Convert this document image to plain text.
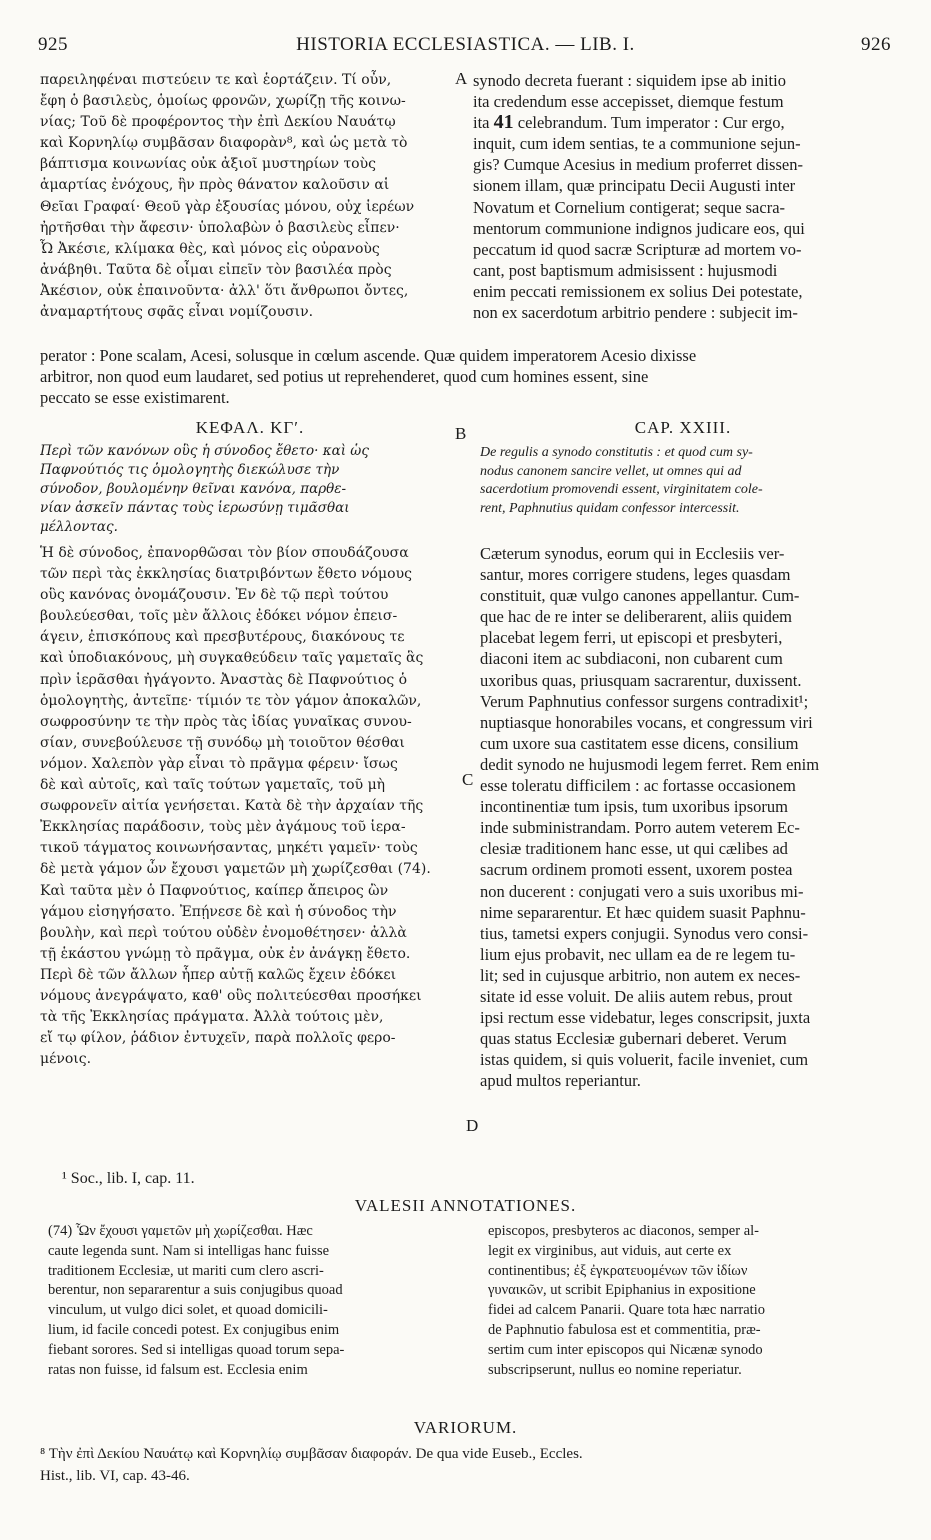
925	HISTORIA ECCLESIASTICA. — LIB. I.	926
παρειληφέναι πιστεύειν τε καὶ ἑορτάζειν. Τί οὖν,
ἔφη ὁ βασιλεὺς, ὁμοίως φρονῶν, χωρίζῃ τῆς κοινω-
νίας; Τοῦ δὲ προφέροντος τὴν ἐπὶ Δεκίου Ναυάτῳ
καὶ Κορνηλίῳ συμβᾶσαν διαφορὰν⁸, καὶ ὡς μετὰ τὸ
βάπτισμα κοινωνίας οὐκ ἀξιοῖ μυστηρίων τοὺς
ἁμαρτίας ἐνόχους, ἣν πρὸς θάνατον καλοῦσιν αἱ
Θεῖαι Γραφαί· Θεοῦ γὰρ ἐξουσίας μόνου, οὐχ ἱερέων
ἠρτῆσθαι τὴν ἄφεσιν· ὑπολαβὼν ὁ βασιλεὺς εἶπεν·
Ὦ Ἀκέσιε, κλίμακα θὲς, καὶ μόνος εἰς οὐρανοὺς
ἀνάβηθι. Ταῦτα δὲ οἶμαι εἰπεῖν τὸν βασιλέα πρὸς
Ἀκέσιον, οὐκ ἐπαινοῦντα· ἀλλ' ὅτι ἄνθρωποι ὄντες,
ἀναμαρτήτους σφᾶς εἶναι νομίζουσιν.
A synodo decreta fuerant : siquidem ipse ab initio
ita credendum esse accepisset, diemque festum
ita 41 celebrandum. Tum imperator : Cur ergo,
inquit, cum idem sentias, te a communione sejun-
gis? Cumque Acesius in medium proferret dissen-
sionem illam, quæ principatu Decii Augusti inter
Novatum et Cornelium contigerat; seque sacra-
mentorum communione indignos judicare eos, qui
peccatum id quod sacræ Scripturæ ad mortem vo-
cant, post baptismum admisissent : hujusmodi
enim peccati remissionem ex solius Dei potestate,
non ex sacerdotum arbitrio pendere : subjecit im-
perator : Pone scalam, Acesi, solusque in cœlum ascende. Quæ quidem imperatorem Acesio dixisse
arbitror, non quod eum laudaret, sed potius ut reprehenderet, quod cum homines essent, sine
peccato se esse existimarent.
ΚΕΦΑΛ. ΚΓʹ.	B	CAP. XXIII.
Περὶ τῶν κανόνων οὓς ἡ σύνοδος ἔθετο· καὶ ὡς
Παφνούτιός τις ὁμολογητὴς διεκώλυσε τὴν
σύνοδον, βουλομένην θεῖναι κανόνα, παρθε-
νίαν ἀσκεῖν πάντας τοὺς ἱερωσύνῃ τιμᾶσθαι
μέλλοντας.
De regulis a synodo constitutis : et quod cum sy-
nodus canonem sancire vellet, ut omnes qui ad
sacerdotium promovendi essent, virginitatem cole-
rent, Paphnutius quidam confessor intercessit.
Ἡ δὲ σύνοδος, ἐπανορθῶσαι τὸν βίον σπουδάζουσα
τῶν περὶ τὰς ἐκκλησίας διατριβόντων ἔθετο νόμους
οὓς κανόνας ὀνομάζουσιν. Ἐν δὲ τῷ περὶ τούτου
βουλεύεσθαι, τοῖς μὲν ἄλλοις ἐδόκει νόμον ἐπεισ-
άγειν, ἐπισκόπους καὶ πρεσβυτέρους, διακόνους τε
καὶ ὑποδιακόνους, μὴ συγκαθεύδειν ταῖς γαμεταῖς ἃς
πρὶν ἱερᾶσθαι ἠγάγοντο. Ἀναστὰς δὲ Παφνούτιος ὁ
ὁμολογητὴς, ἀντεῖπε· τίμιόν τε τὸν γάμον ἀποκαλῶν,
σωφροσύνην τε τὴν πρὸς τὰς ἰδίας γυναῖκας συνου-
σίαν, συνεβούλευσε τῇ συνόδῳ μὴ τοιοῦτον θέσθαι
νόμον. Χαλεπὸν γὰρ εἶναι τὸ πρᾶγμα φέρειν· ἴσως
δὲ καὶ αὐτοῖς, καὶ ταῖς τούτων γαμεταῖς, τοῦ μὴ
σωφρονεῖν αἰτία γενήσεται. Κατὰ δὲ τὴν ἀρχαίαν τῆς
Ἐκκλησίας παράδοσιν, τοὺς μὲν ἀγάμους τοῦ ἱερα-
τικοῦ τάγματος κοινωνήσαντας, μηκέτι γαμεῖν· τοὺς
δὲ μετὰ γάμον ὧν ἔχουσι γαμετῶν μὴ χωρίζεσθαι (74).
Καὶ ταῦτα μὲν ὁ Παφνούτιος, καίπερ ἄπειρος ὢν
γάμου εἰσηγήσατο. Ἐπῄνεσε δὲ καὶ ἡ σύνοδος τὴν
βουλὴν, καὶ περὶ τούτου οὐδὲν ἐνομοθέτησεν· ἀλλὰ
τῇ ἑκάστου γνώμῃ τὸ πρᾶγμα, οὐκ ἐν ἀνάγκῃ ἔθετο.
Περὶ δὲ τῶν ἄλλων ἧπερ αὐτῇ καλῶς ἔχειν ἐδόκει
νόμους ἀνεγράψατο, καθ' οὓς πολιτεύεσθαι προσήκει
τὰ τῆς Ἐκκλησίας πράγματα. Ἀλλὰ τούτοις μὲν,
εἴ τῳ φίλον, ῥάδιον ἐντυχεῖν, παρὰ πολλοῖς φερο-
μένοις.
C
D
Cæterum synodus, eorum qui in Ecclesiis ver-
santur, mores corrigere studens, leges quasdam
constituit, quæ vulgo canones appellantur. Cum-
que hac de re inter se deliberarent, aliis quidem
placebat legem ferri, ut episcopi et presbyteri,
diaconi item ac subdiaconi, non cubarent cum
uxoribus quas, priusquam sacrarentur, duxissent.
Verum Paphnutius confessor surgens contradixit¹;
nuptiasque honorabiles vocans, et congressum viri
cum uxore sua castitatem esse dicens, consilium
dedit synodo ne hujusmodi legem ferret. Rem enim
esse toleratu difficilem : ac fortasse occasionem
incontinentiæ tum ipsis, tum uxoribus ipsorum
inde subministrandam. Porro autem veterem Ec-
clesiæ traditionem hanc esse, ut qui cælibes ad
sacrum ordinem promoti essent, uxorem postea
non ducerent : conjugati vero a suis uxoribus mi-
nime separarentur. Et hæc quidem suasit Paphnu-
tius, tametsi expers conjugii. Synodus vero consi-
lium ejus probavit, nec ullam ea de re legem tu-
lit; sed in cujusque arbitrio, non autem ex neces-
sitate id esse voluit. De aliis autem rebus, prout
ipsi rectum esse videbatur, leges conscripsit, juxta
quas status Ecclesiæ gubernari deberet. Verum
istas quidem, si quis voluerit, facile inveniet, cum
apud multos reperiantur.
¹ Soc., lib. I, cap. 11.
VALESII ANNOTATIONES.
(74) Ὧν ἔχουσι γαμετῶν μὴ χωρίζεσθαι. Hæc
caute legenda sunt. Nam si intelligas hanc fuisse
traditionem Ecclesiæ, ut mariti cum clero ascri-
berentur, non separarentur a suis conjugibus quoad
vinculum, ut vulgo dici solet, et quoad domicili-
lium, id facile concedi potest. Ex conjugibus enim
fiebant sorores. Sed si intelligas quoad torum sepa-
ratas non fuisse, id falsum est. Ecclesia enim
episcopos, presbyteros ac diaconos, semper al-
legit ex virginibus, aut viduis, aut certe ex
continentibus; ἐξ ἐγκρατευομένων τῶν ἰδίων
γυναικῶν, ut scribit Epiphanius in expositione
fidei ad calcem Panarii. Quare tota hæc narratio
de Paphnutio fabulosa est et commentitia, præ-
sertim cum inter episcopos qui Nicænæ synodo
subscripserunt, nullus eo nomine reperiatur.
VARIORUM.
⁸ Τὴν ἐπὶ Δεκίου Ναυάτῳ καὶ Κορνηλίῳ συμβᾶσαν διαφοράν. De qua vide Euseb., Eccles.
Hist., lib. VI, cap. 43-46.
